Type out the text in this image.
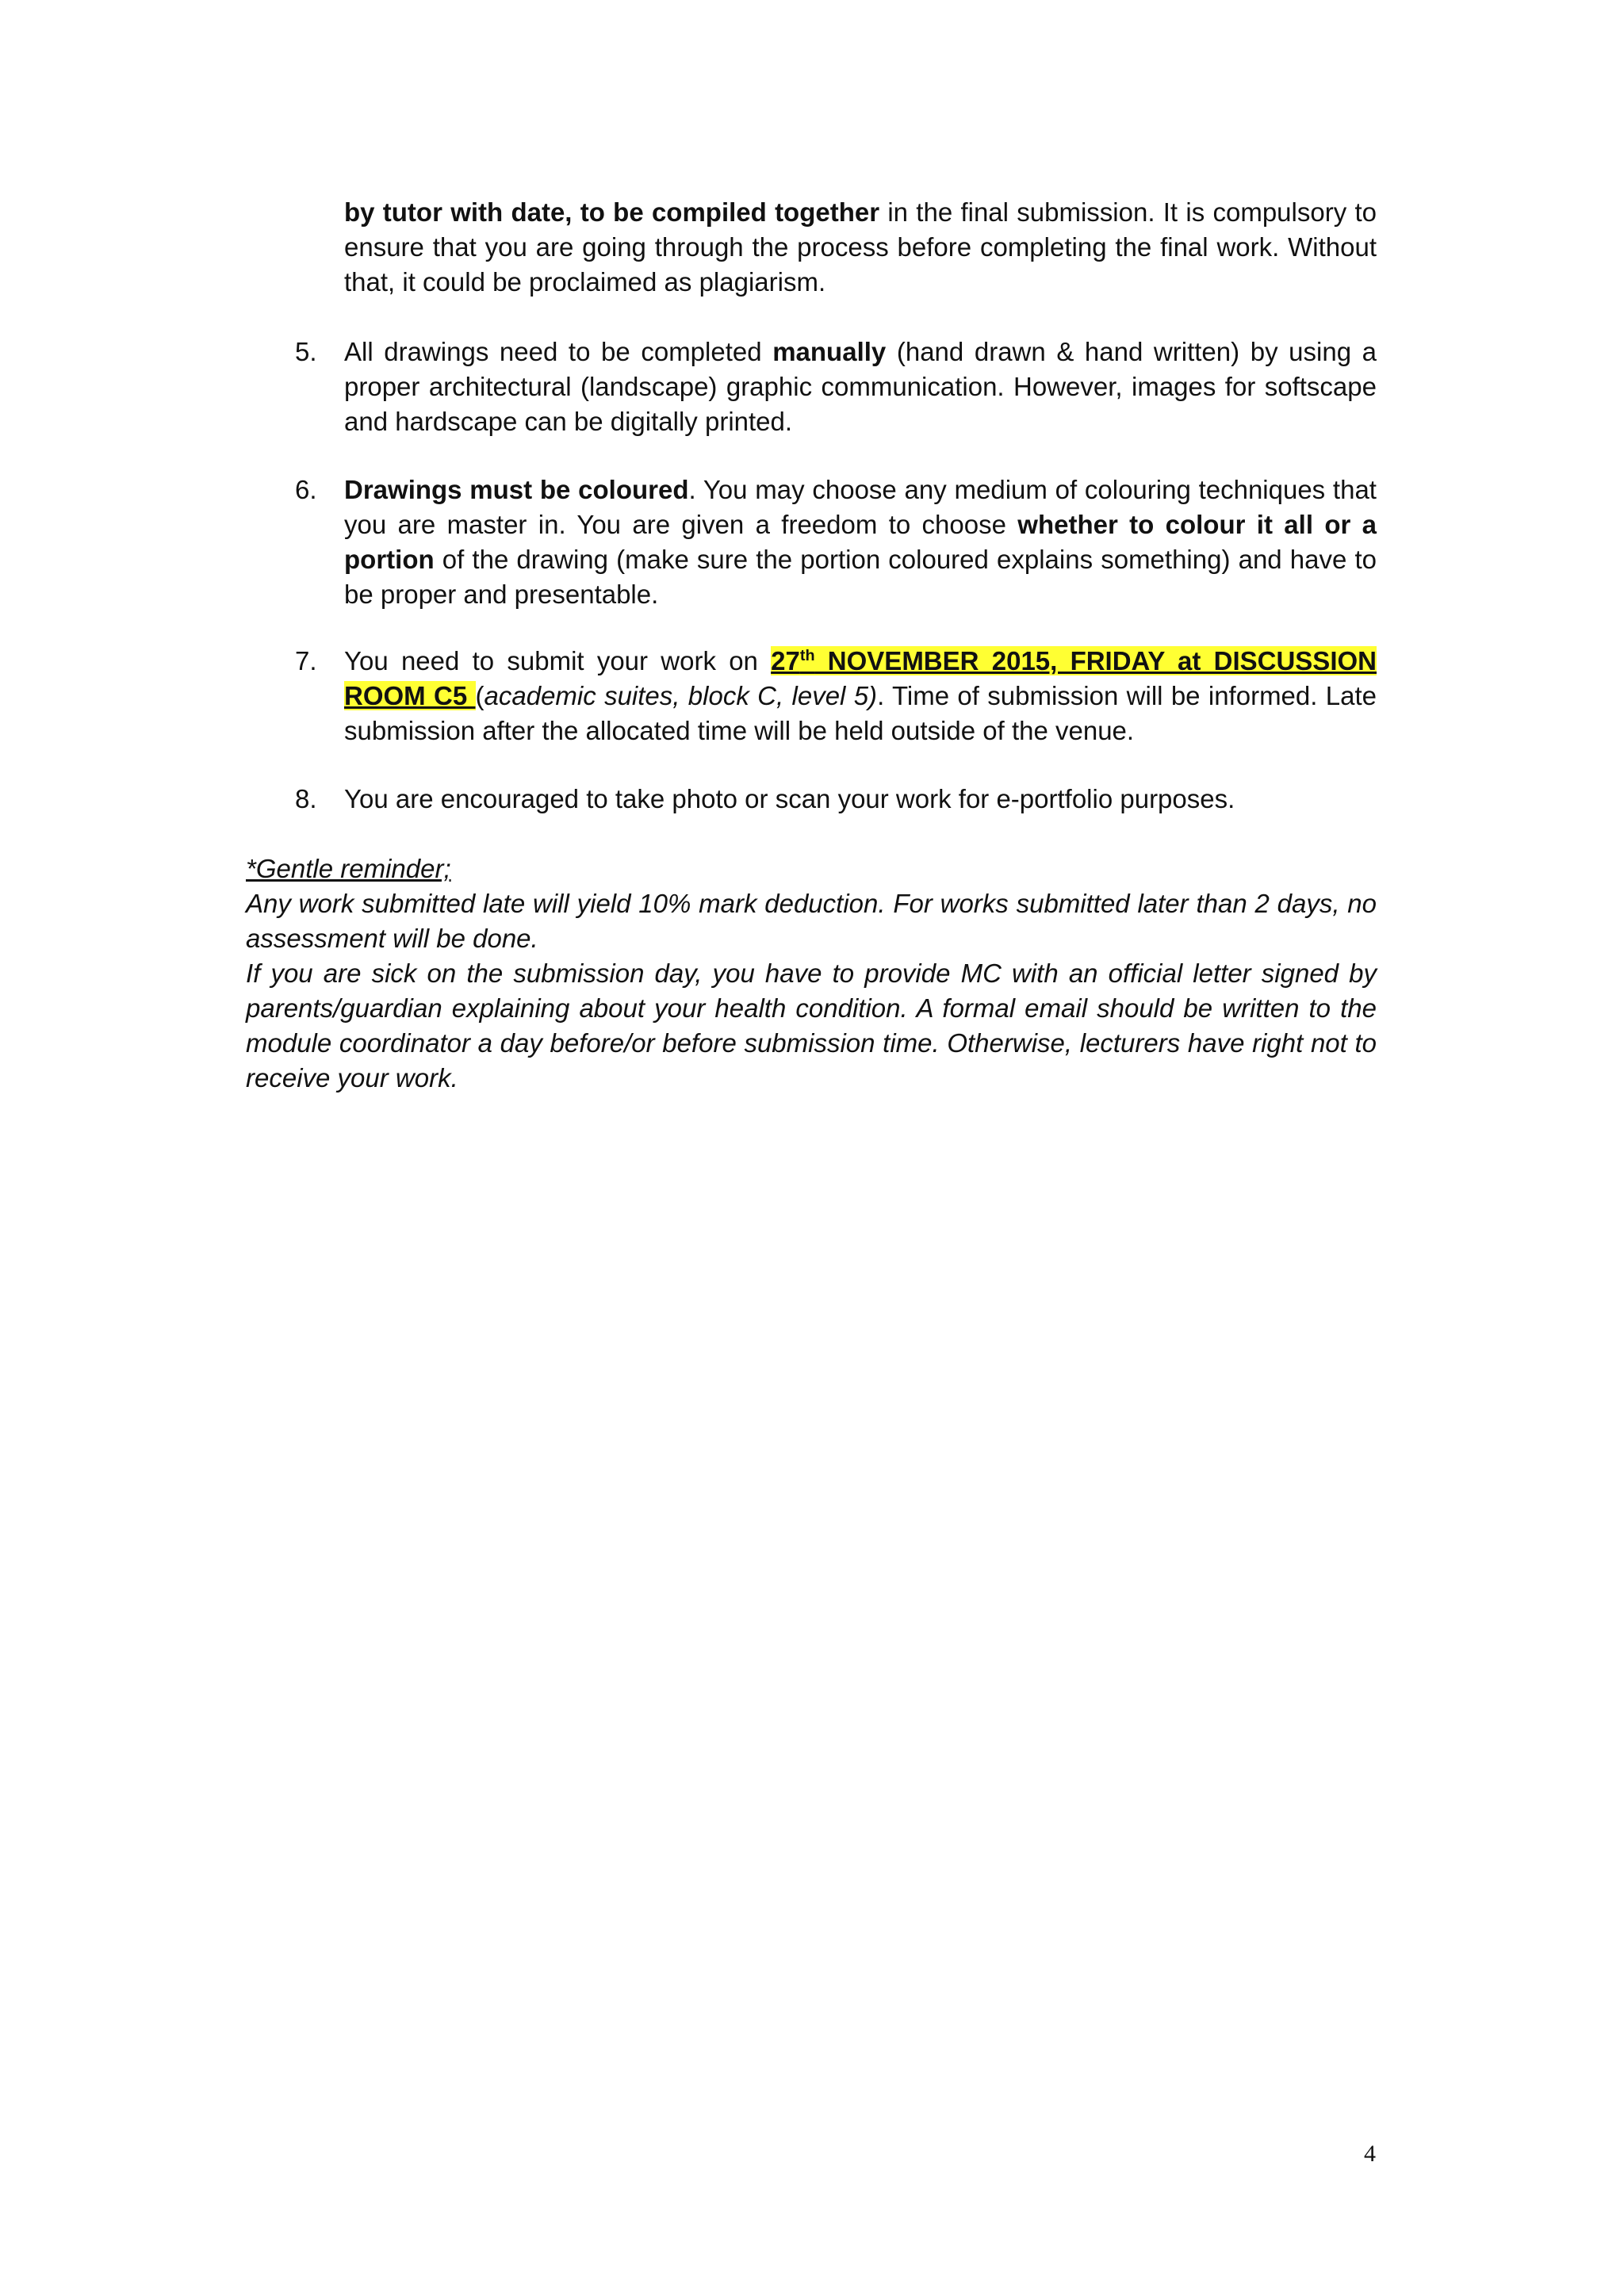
by tutor with date, to be compiled together in the final submission. It is compulsory to ensure that you are going through the process before completing the final work. Without that, it could be proclaimed as plagiarism.

5. All drawings need to be completed manually (hand drawn & hand written) by using a proper architectural (landscape) graphic communication. However, images for softscape and hardscape can be digitally printed.

6. Drawings must be coloured. You may choose any medium of colouring techniques that you are master in. You are given a freedom to choose whether to colour it all or a portion of the drawing (make sure the portion coloured explains something) and have to be proper and presentable.

7. You need to submit your work on 27th NOVEMBER 2015, FRIDAY at DISCUSSION ROOM C5 (academic suites, block C, level 5). Time of submission will be informed. Late submission after the allocated time will be held outside of the venue.

8. You are encouraged to take photo or scan your work for e-portfolio purposes.

*Gentle reminder;

Any work submitted late will yield 10% mark deduction. For works submitted later than 2 days, no assessment will be done.

If you are sick on the submission day, you have to provide MC with an official letter signed by parents/guardian explaining about your health condition. A formal email should be written to the module coordinator a day before/or before submission time. Otherwise, lecturers have right not to receive your work.

4
